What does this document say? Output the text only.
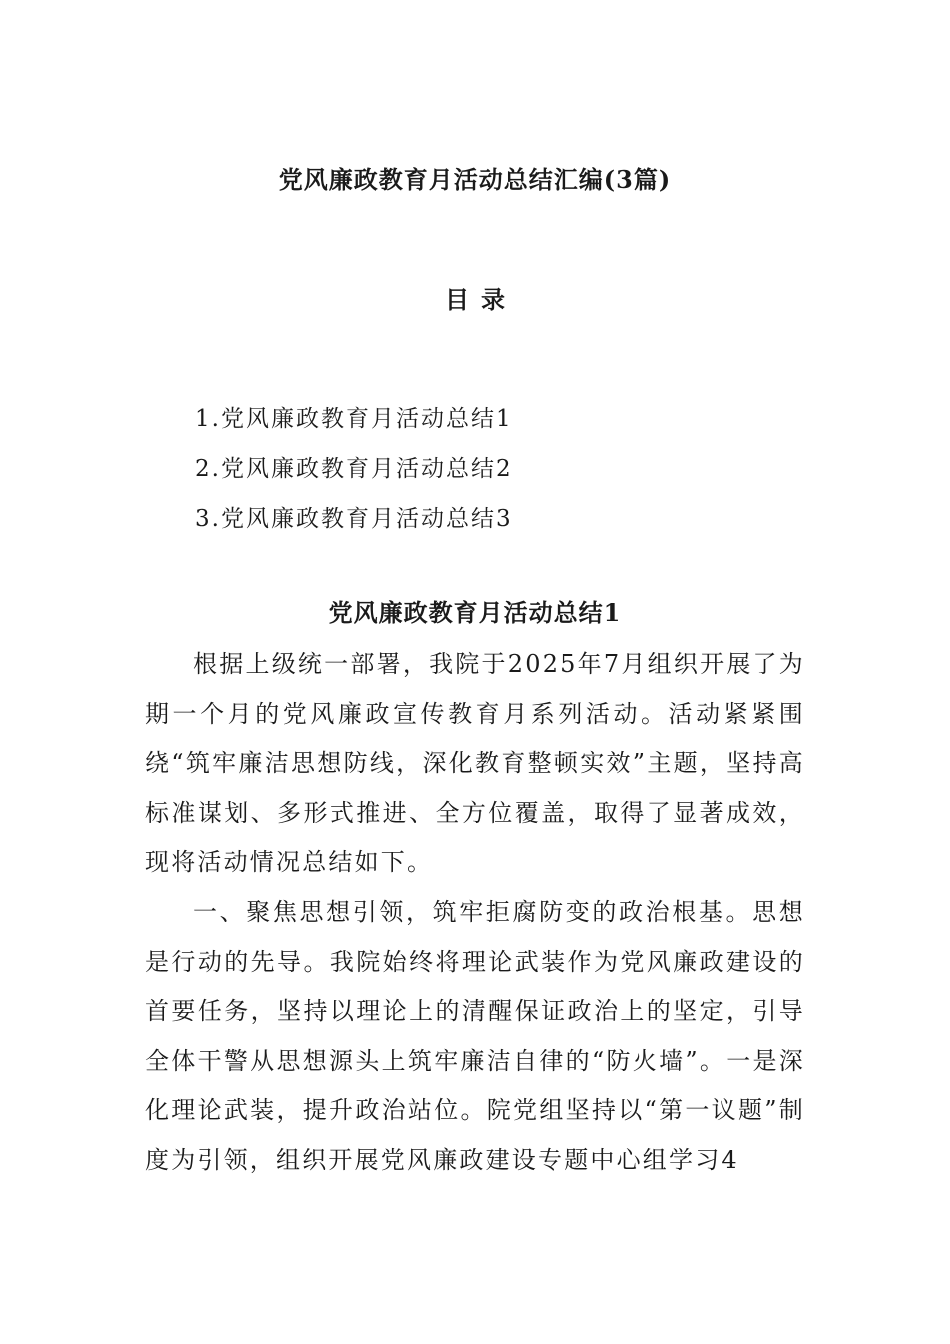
党风廉政教育月活动总结汇编(3篇)
目 录
1.党风廉政教育月活动总结1
2.党风廉政教育月活动总结2
3.党风廉政教育月活动总结3
党风廉政教育月活动总结1

根据上级统一部署，我院于2025年7月组织开展了为期一个月的党风廉政宣传教育月系列活动。活动紧紧围绕“筑牢廉洁思想防线，深化教育整顿实效”主题，坚持高标准谋划、多形式推进、全方位覆盖，取得了显著成效，现将活动情况总结如下。

一、聚焦思想引领，筑牢拒腐防变的政治根基。思想是行动的先导。我院始终将理论武装作为党风廉政建设的首要任务，坚持以理论上的清醒保证政治上的坚定，引导全体干警从思想源头上筑牢廉洁自律的“防火墙”。一是深化理论武装，提升政治站位。院党组坚持以“第一议题”制度为引领，组织开展党风廉政建设专题中心组学习4
